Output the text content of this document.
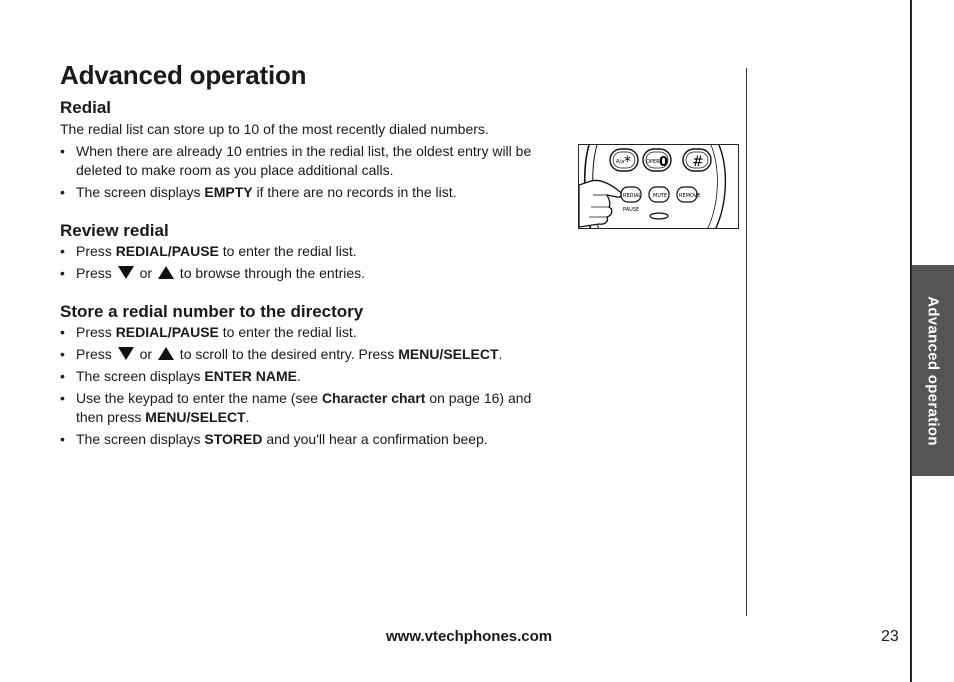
Advanced operation
Redial

The redial list can store up to 10 of the most recently dialed numbers.

• When there are already 10 entries in the redial list, the oldest entry will be deleted to make room as you place additional calls.
• The screen displays EMPTY if there are no records in the list.
Review redial
• Press REDIAL/PAUSE to enter the redial list.
• Press  or  to browse through the entries.
Store a redial number to the directory
• Press REDIAL/PAUSE to enter the redial list.
• Press  or  to scroll to the desired entry. Press MENU/SELECT.
• The screen displays ENTER NAME.
• Use the keypad to enter the name (see Character chart on page 16) and then press MENU/SELECT.
• The screen displays STORED and you'll hear a confirmation beep.
A/a *	OPER 0 #
REDIAL
PAUSE
MUTE REMOVE
Advanced operation
www.vtechphones.com	23
